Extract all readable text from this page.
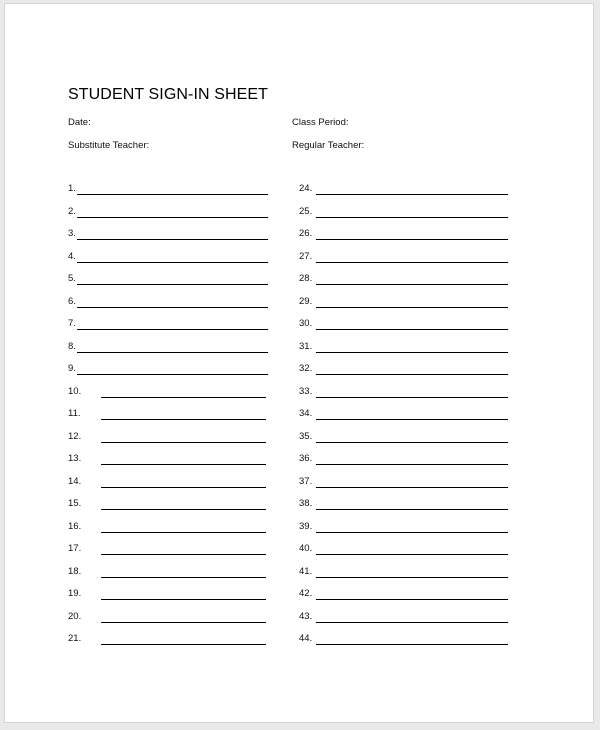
STUDENT SIGN-IN SHEET
Date:	Class Period:
Substitute Teacher:	Regular Teacher:
1.
2.
3.
4.
5.
6.
7.
8.
9.
10.
11.
12.
13.
14.
15.
16.
17.
18.
19.
20.
21.
24.
25.
26.
27.
28.
29.
30.
31.
32.
33.
34.
35.
36.
37.
38.
39.
40.
41.
42.
43.
44.
